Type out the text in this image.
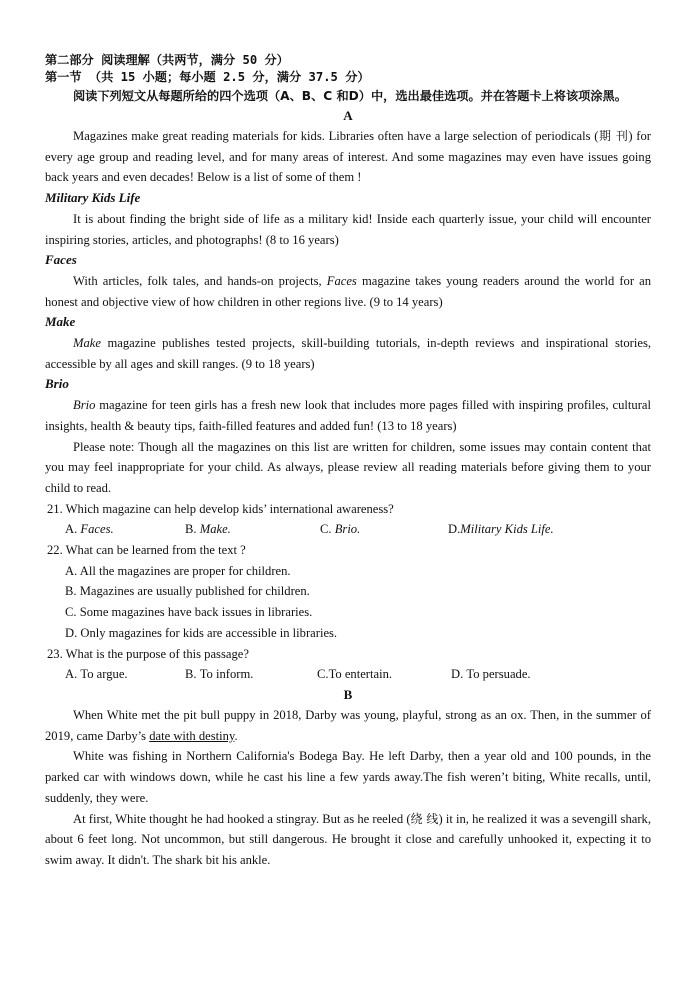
第二部分 阅读理解（共两节，满分 50 分）
第一节 （共 15 小题；每小题 2.5 分，满分 37.5 分）

阅读下列短文从每题所给的四个选项（A、B、C 和D）中，选出最佳选项。并在答题卡上将该项涂黑。

A

Magazines make great reading materials for kids. Libraries often have a large selection of periodicals (期 刊) for every age group and reading level, and for many areas of interest. And some magazines may even have issues going back years and even decades! Below is a list of some of them !

Military Kids Life

It is about finding the bright side of life as a military kid! Inside each quarterly issue, your child will encounter inspiring stories, articles, and photographs! (8 to 16 years)

Faces

With articles, folk tales, and hands-on projects, Faces magazine takes young readers around the world for an honest and objective view of how children in other regions live. (9 to 14 years)

Make

Make magazine publishes tested projects, skill-building tutorials, in-depth reviews and inspirational stories, accessible by all ages and skill ranges. (9 to 18 years)

Brio

Brio magazine for teen girls has a fresh new look that includes more pages filled with inspiring profiles, cultural insights, health & beauty tips, faith-filled features and added fun! (13 to 18 years)

Please note: Though all the magazines on this list are written for children, some issues may contain content that you may feel inappropriate for your child. As always, please review all reading materials before giving them to your child to read.

21. Which magazine can help develop kids’ international awareness?
A. Faces.	B. Make.	C. Brio.	D.Military Kids Life.
22. What can be learned from the text ?
A. All the magazines are proper for children.
B. Magazines are usually published for children.
C. Some magazines have back issues in libraries.
D. Only magazines for kids are accessible in libraries.
23. What is the purpose of this passage?
A. To argue.	B. To inform.	C.To entertain.	D. To persuade.
B

When White met the pit bull puppy in 2018, Darby was young, playful, strong as an ox. Then, in the summer of 2019, came Darby’s date with destiny.

White was fishing in Northern California's Bodega Bay. He left Darby, then a year old and 100 pounds, in the parked car with windows down, while he cast his line a few yards away.The fish weren’t biting, White recalls, until, suddenly, they were.

At first, White thought he had hooked a stingray. But as he reeled (绕 线) it in, he realized it was a sevengill shark, about 6 feet long. Not uncommon, but still dangerous. He brought it close and carefully unhooked it, expecting it to swim away. It didn't. The shark bit his ankle.
